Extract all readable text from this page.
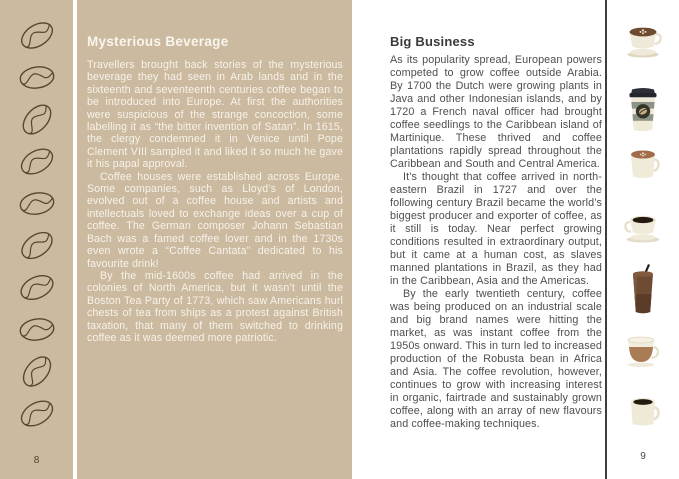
8
Mysterious Beverage

Travellers brought back stories of the mysterious beverage they had seen in Arab lands and in the sixteenth and seventeenth centuries coffee began to be introduced into Europe. At first the authorities were suspicious of the strange concoction, some labelling it as “the bitter invention of Satan”. In 1615, the clergy condemned it in Venice until Pope Clement VIII sampled it and liked it so much he gave it his papal approval.

Coffee houses were established across Europe. Some companies, such as Lloyd’s of London, evolved out of a coffee house and artists and intellectuals loved to exchange ideas over a cup of coffee. The German composer Johann Sebastian Bach was a famed coffee lover and in the 1730s even wrote a “Coffee Cantata” dedicated to his favourite drink!

By the mid-1600s coffee had arrived in the colonies of North America, but it wasn’t until the Boston Tea Party of 1773, which saw Americans hurl chests of tea from ships as a protest against British taxation, that many of them switched to drinking coffee as it was deemed more patriotic.

Big Business

As its popularity spread, European powers competed to grow coffee outside Arabia. By 1700 the Dutch were growing plants in Java and other Indonesian islands, and by 1720 a French naval officer had brought coffee seedlings to the Caribbean island of Martinique. These thrived and coffee plantations rapidly spread throughout the Caribbean and South and Central America.

It’s thought that coffee arrived in north-eastern Brazil in 1727 and over the following century Brazil became the world’s biggest producer and exporter of coffee, as it still is today. Near perfect growing conditions resulted in extraordinary output, but it came at a human cost, as slaves manned plantations in Brazil, as they had in the Caribbean, Asia and the Americas.

By the early twentieth century, coffee was being produced on an industrial scale and big brand names were hitting the market, as was instant coffee from the 1950s onward. This in turn led to increased production of the Robusta bean in Africa and Asia. The coffee revolution, however, continues to grow with increasing interest in organic, fairtrade and sustainably grown coffee, along with an array of new flavours and coffee-making techniques.

9
